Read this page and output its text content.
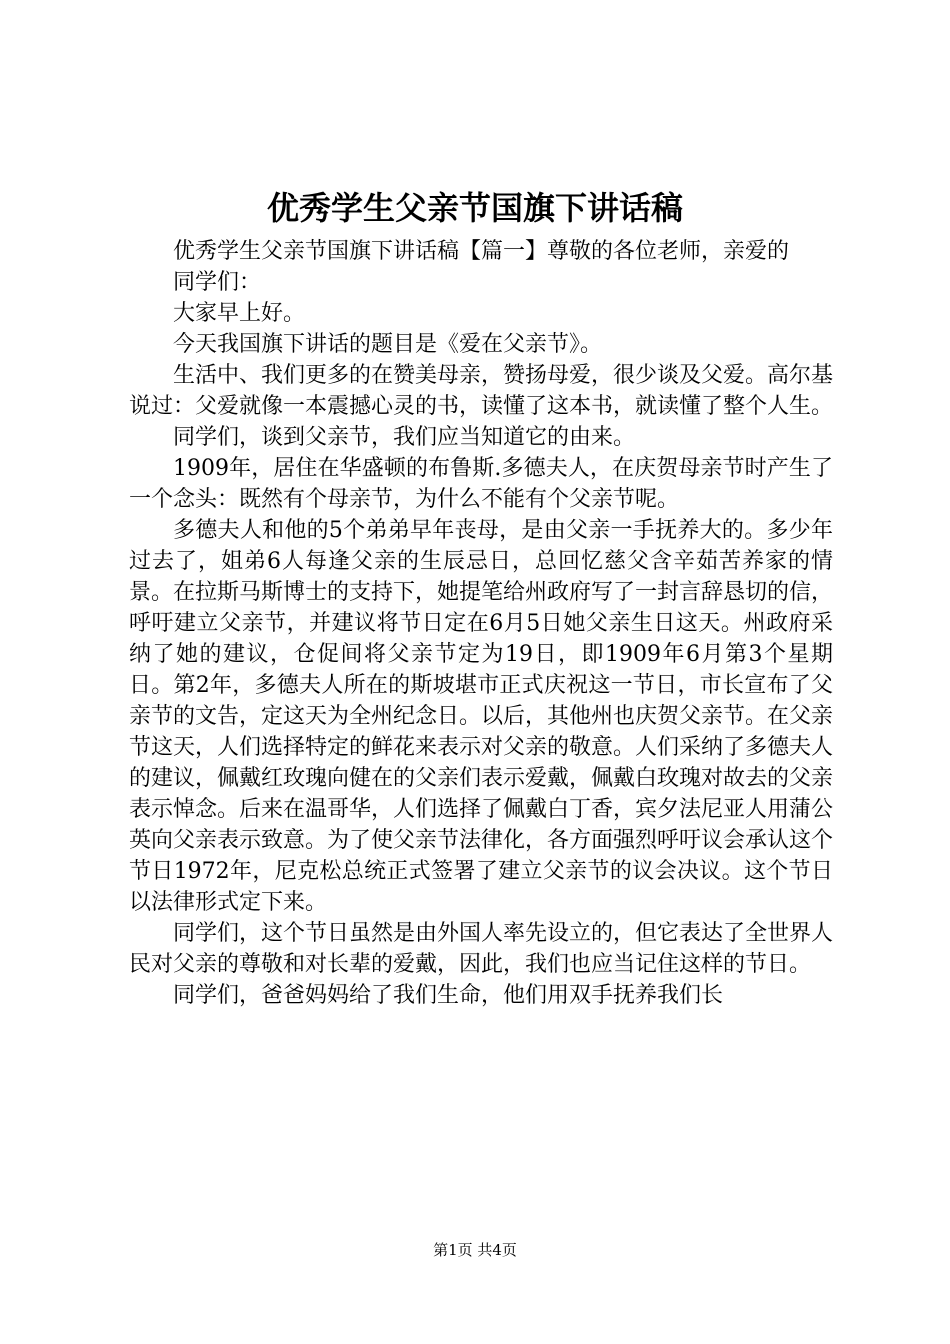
优秀学生父亲节国旗下讲话稿

优秀学生父亲节国旗下讲话稿【篇一】尊敬的各位老师，亲爱的

同学们：

大家早上好。

今天我国旗下讲话的题目是《爱在父亲节》。

生活中、我们更多的在赞美母亲，赞扬母爱，很少谈及父爱。高尔基说过：父爱就像一本震撼心灵的书，读懂了这本书，就读懂了整个人生。

同学们，谈到父亲节，我们应当知道它的由来。

1909年，居住在华盛顿的布鲁斯.多德夫人，在庆贺母亲节时产生了一个念头：既然有个母亲节，为什么不能有个父亲节呢。

多德夫人和他的5个弟弟早年丧母，是由父亲一手抚养大的。多少年过去了，姐弟6人每逢父亲的生辰忌日，总回忆慈父含辛茹苦养家的情景。在拉斯马斯博士的支持下，她提笔给州政府写了一封言辞恳切的信，呼吁建立父亲节，并建议将节日定在6月5日她父亲生日这天。州政府采纳了她的建议，仓促间将父亲节定为19日，即1909年6月第3个星期日。第2年，多德夫人所在的斯坡堪市正式庆祝这一节日，市长宣布了父亲节的文告，定这天为全州纪念日。以后，其他州也庆贺父亲节。在父亲节这天，人们选择特定的鲜花来表示对父亲的敬意。人们采纳了多德夫人的建议，佩戴红玫瑰向健在的父亲们表示爱戴，佩戴白玫瑰对故去的父亲表示悼念。后来在温哥华，人们选择了佩戴白丁香，宾夕法尼亚人用蒲公英向父亲表示致意。为了使父亲节法律化，各方面强烈呼吁议会承认这个节日1972年，尼克松总统正式签署了建立父亲节的议会决议。这个节日以法律形式定下来。

同学们，这个节日虽然是由外国人率先设立的，但它表达了全世界人民对父亲的尊敬和对长辈的爱戴，因此，我们也应当记住这样的节日。

同学们，爸爸妈妈给了我们生命，他们用双手抚养我们长

第1页 共4页
